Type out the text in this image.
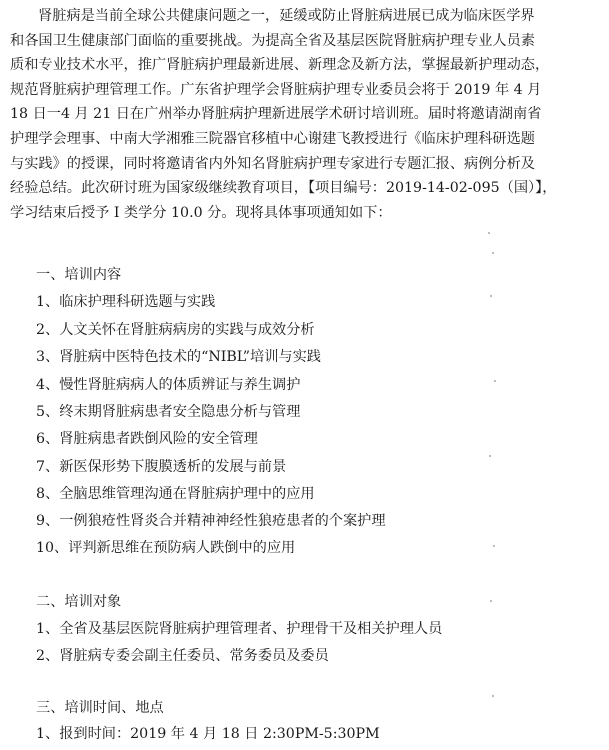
肾脏病是当前全球公共健康问题之一，延缓或防止肾脏病进展已成为临床医学界
和各国卫生健康部门面临的重要挑战。为提高全省及基层医院肾脏病护理专业人员素
质和专业技术水平，推广肾脏病护理最新进展、新理念及新方法，掌握最新护理动态，
规范肾脏病护理管理工作。广东省护理学会肾脏病护理专业委员会将于 2019 年 4 月
18 日一4 月 21 日在广州举办肾脏病护理新进展学术研讨培训班。届时将邀请湖南省
护理学会理事、中南大学湘雅三院器官移植中心谢建飞教授进行《临床护理科研选题
与实践》的授课，同时将邀请省内外知名肾脏病护理专家进行专题汇报、病例分析及
经验总结。此次研讨班为国家级继续教育项目，【项目编号：2019-14-02-095（国）】，
学习结束后授予 I 类学分 10.0 分。现将具体事项通知如下：

一、培训内容

1、临床护理科研选题与实践

2、人文关怀在肾脏病病房的实践与成效分析

3、肾脏病中医特色技术的“NIBL”培训与实践

4、慢性肾脏病病人的体质辨证与养生调护

5、终末期肾脏病患者安全隐患分析与管理

6、肾脏病患者跌倒风险的安全管理

7、新医保形势下腹膜透析的发展与前景

8、全脑思维管理沟通在肾脏病护理中的应用

9、一例狼疮性肾炎合并精神神经性狼疮患者的个案护理

10、评判新思维在预防病人跌倒中的应用

二、培训对象

1、全省及基层医院肾脏病护理管理者、护理骨干及相关护理人员

2、肾脏病专委会副主任委员、常务委员及委员

三、培训时间、地点

1、报到时间：2019 年 4 月 18 日 2:30PM-5:30PM
